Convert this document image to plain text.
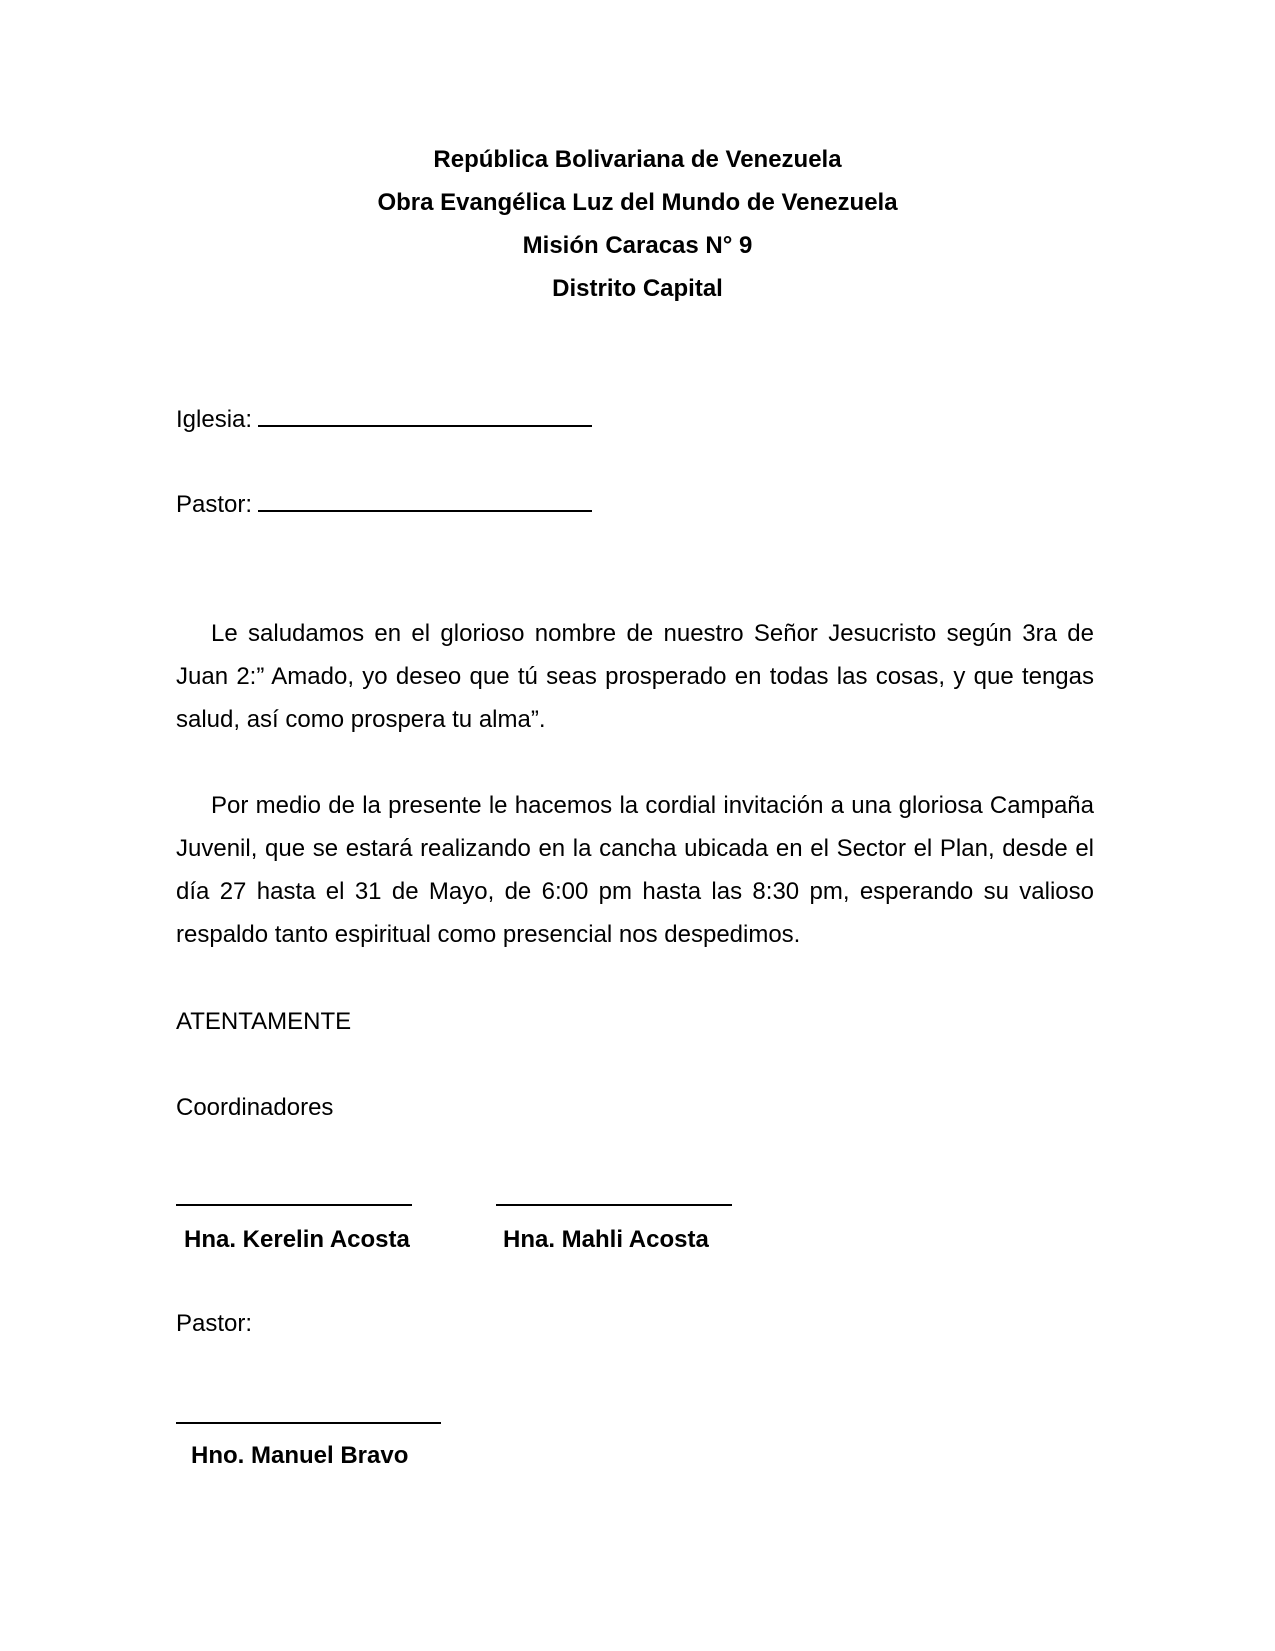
República Bolivariana de Venezuela
Obra Evangélica Luz del Mundo de Venezuela
Misión Caracas N° 9
Distrito Capital
Iglesia:
Pastor:
Le saludamos en el glorioso nombre de nuestro Señor Jesucristo según 3ra de Juan 2:” Amado, yo deseo que tú seas prosperado en todas las cosas, y que tengas salud, así como prospera tu alma”.
Por medio de la presente le hacemos la cordial invitación a una gloriosa Campaña Juvenil, que se estará realizando en la cancha ubicada en el Sector el Plan, desde el día 27 hasta el 31 de Mayo, de 6:00 pm hasta las 8:30 pm, esperando su valioso respaldo tanto espiritual como presencial nos despedimos.
ATENTAMENTE
Coordinadores
Hna. Kerelin Acosta	Hna. Mahli Acosta
Pastor:
Hno. Manuel Bravo
